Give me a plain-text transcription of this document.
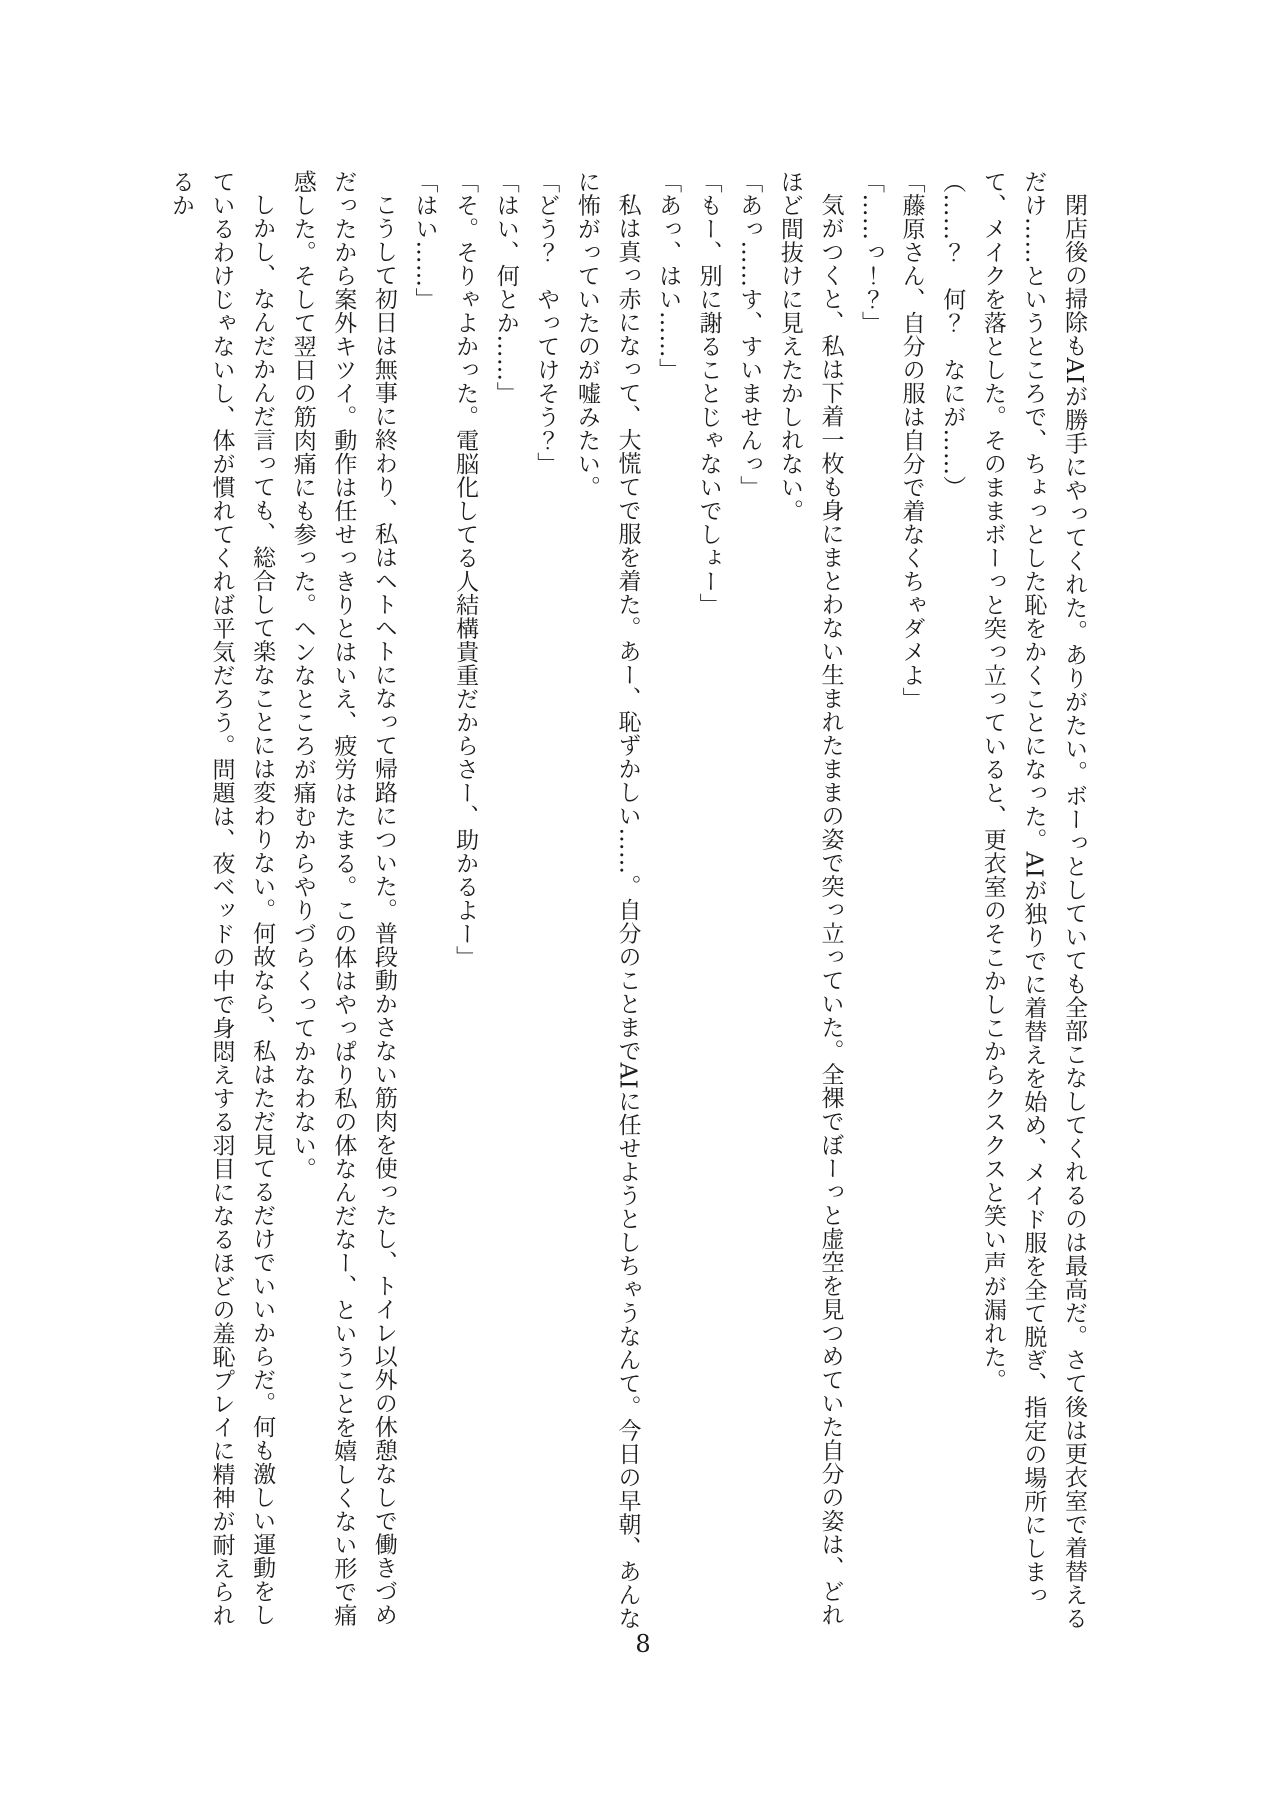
閉店後の掃除もAIが勝手にやってくれた。ありがたい。ボーっとしていても全部こなしてくれるのは最高だ。さて後は更衣室で着替えるだけ……というところで、ちょっとした恥をかくことになった。AIが独りでに着替えを始め、メイド服を全て脱ぎ、指定の場所にしまって、メイクを落とした。そのままボーっと突っ立っていると、更衣室のそこかしこからクスクスと笑い声が漏れた。

（……？　何？　なにが……）

「藤原さん、自分の服は自分で着なくちゃダメよ」

「……っ！？」

気がつくと、私は下着一枚も身にまとわない生まれたままの姿で突っ立っていた。全裸でぼーっと虚空を見つめていた自分の姿は、どれほど間抜けに見えたかしれない。

「あっ……す、すいませんっ」

「もー、別に謝ることじゃないでしょー」

「あっ、はい……」

私は真っ赤になって、大慌てで服を着た。あー、恥ずかしい……。自分のことまでAIに任せようとしちゃうなんて。今日の早朝、あんなに怖がっていたのが嘘みたい。

「どう？　やってけそう？」

「はい、何とか……」

「そ。そりゃよかった。電脳化してる人結構貴重だからさー、助かるよー」

「はい……」

こうして初日は無事に終わり、私はヘトヘトになって帰路についた。普段動かさない筋肉を使ったし、トイレ以外の休憩なしで働きづめだったから案外キツイ。動作は任せっきりとはいえ、疲労はたまる。この体はやっぱり私の体なんだなー、ということを嬉しくない形で痛感した。そして翌日の筋肉痛にも参った。ヘンなところが痛むからやりづらくってかなわない。

しかし、なんだかんだ言っても、総合して楽なことには変わりない。何故なら、私はただ見てるだけでいいからだ。何も激しい運動をしているわけじゃないし、体が慣れてくれば平気だろう。問題は、夜ベッドの中で身悶えする羽目になるほどの羞恥プレイに精神が耐えられるか

8
